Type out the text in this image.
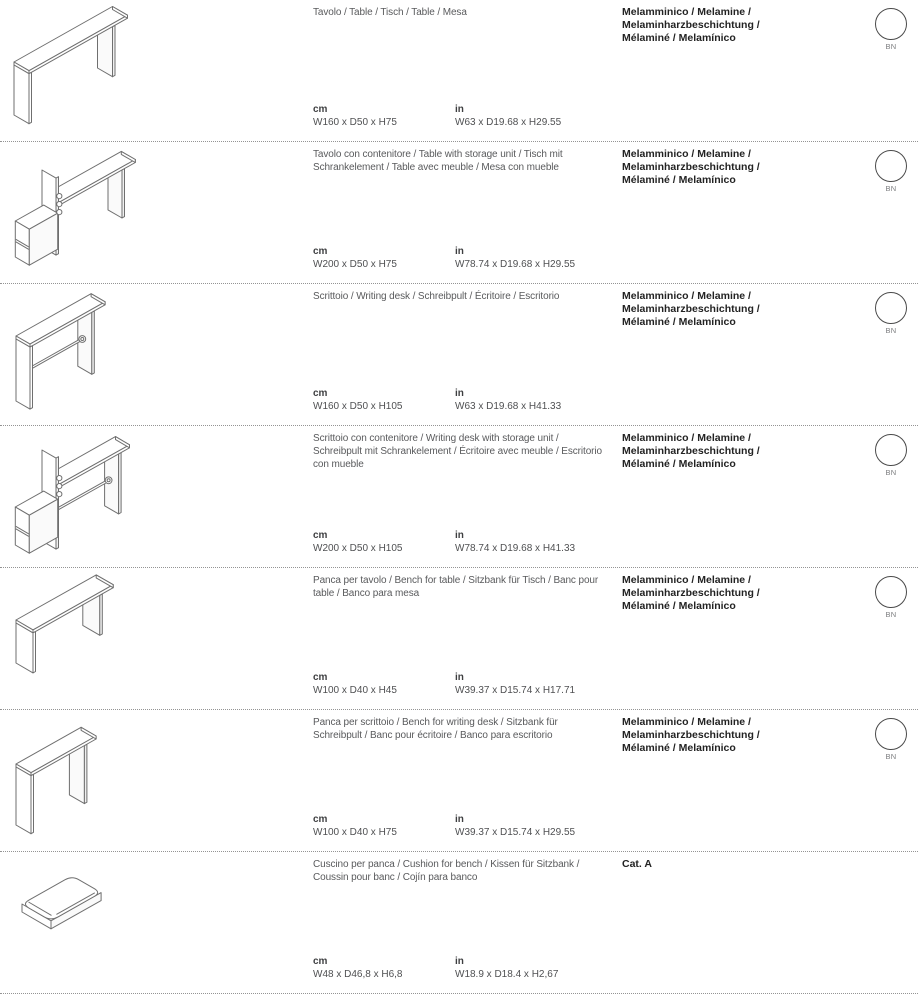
Tavolo / Table / Tisch / Table / Mesa	Melamminico / Melamine /
Melaminharzbeschichtung /
Mélaminé / Melamínico
cm
W160 x D50 x H75
in
W63 x D19.68 x H29.55
BN
Tavolo con contenitore / Table with storage unit / Tisch mit Schrankelement / Table avec meuble / Mesa con mueble
Melamminico / Melamine /
Melaminharzbeschichtung /
Mélaminé / Melamínico
cm
W200 x D50 x H75
in
W78.74 x D19.68 x H29.55
BN
Scrittoio / Writing desk / Schreibpult / Écritoire / Escritorio	Melamminico / Melamine /
Melaminharzbeschichtung /
Mélaminé / Melamínico
cm
W160 x D50 x H105
in
W63 x D19.68 x H41.33
BN
Scrittoio con contenitore / Writing desk with storage unit / Schreibpult mit Schrankelement / Écritoire avec meuble / Escritorio con mueble
Melamminico / Melamine /
Melaminharzbeschichtung /
Mélaminé / Melamínico
cm
W200 x D50 x H105
in
W78.74 x D19.68 x H41.33
BN
Panca per tavolo / Bench for table / Sitzbank für Tisch / Banc pour table / Banco para mesa
Melamminico / Melamine /
Melaminharzbeschichtung /
Mélaminé / Melamínico
cm
W100 x D40 x H45
in
W39.37 x D15.74 x H17.71
BN
Panca per scrittoio / Bench for writing desk / Sitzbank für Schreibpult / Banc pour écritoire / Banco para escritorio
Melamminico / Melamine /
Melaminharzbeschichtung /
Mélaminé / Melamínico
cm
W100 x D40 x H75
in
W39.37 x D15.74 x H29.55
BN
Cuscino per panca / Cushion for bench / Kissen für Sitzbank / Coussin pour banc / Cojín para banco
Cat. A
cm
W48 x D46,8 x H6,8
in
W18.9 x D18.4 x H2,67
